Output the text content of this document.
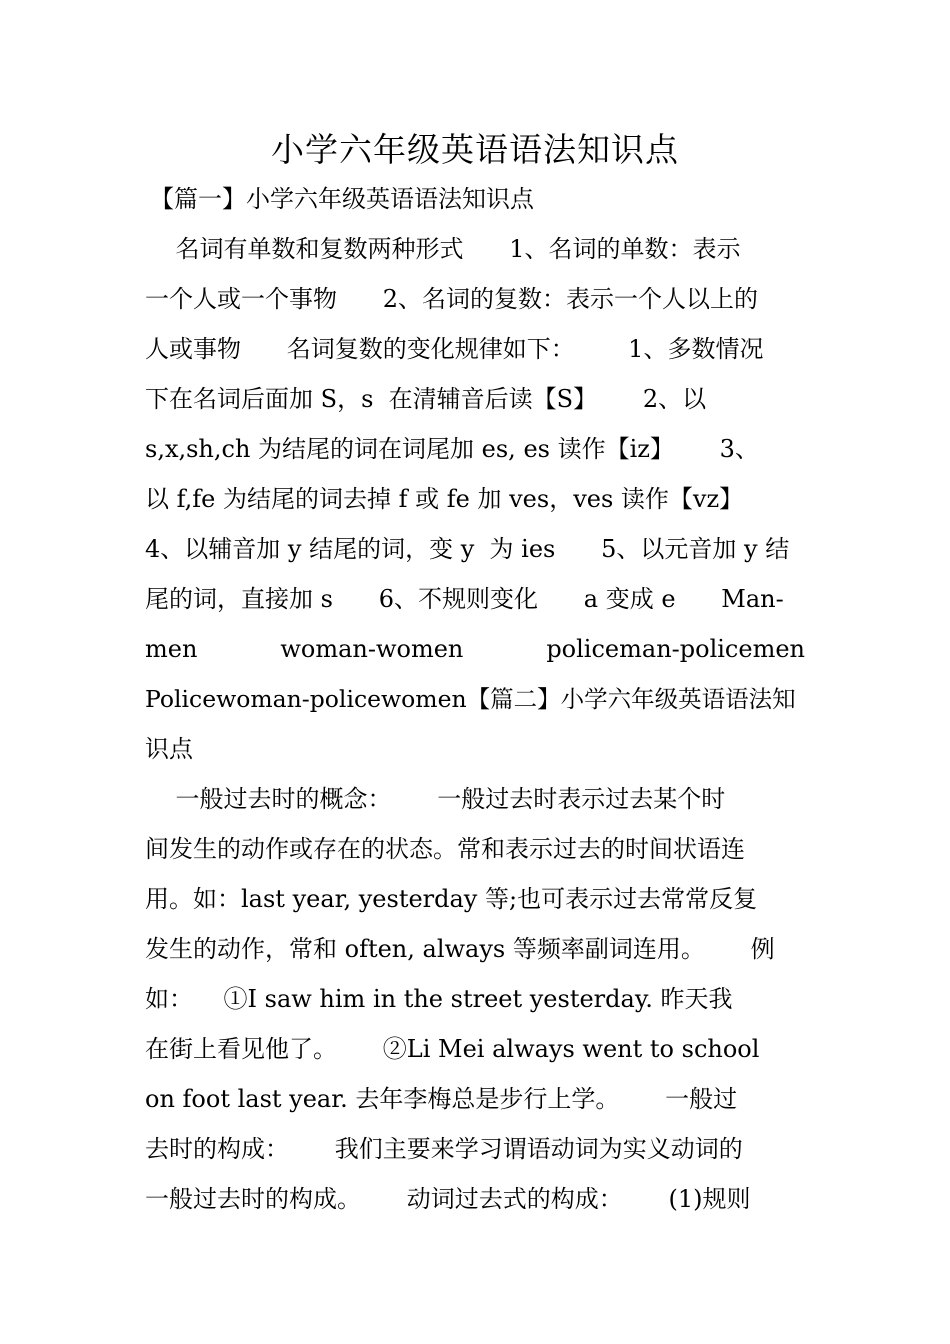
小学六年级英语语法知识点

【篇一】小学六年级英语语法知识点

名词有单数和复数两种形式      1、名词的单数：表示

一个人或一个事物      2、名词的复数：表示一个人以上的

人或事物      名词复数的变化规律如下：       1、多数情况

下在名词后面加 S，s  在清辅音后读【S】      2、以

s,x,sh,ch 为结尾的词在词尾加 es, es 读作【iz】      3、

以 f,fe 为结尾的词去掉 f 或 fe 加 ves，ves 读作【vz】

4、以辅音加 y 结尾的词，变 y  为 ies      5、以元音加 y 结

尾的词，直接加 s      6、不规则变化      a 变成 e      Man-

men	woman-women	policeman-policemen

Policewoman-policewomen【篇二】小学六年级英语语法知

识点

一般过去时的概念：      一般过去时表示过去某个时

间发生的动作或存在的状态。常和表示过去的时间状语连

用。如：last year, yesterday 等;也可表示过去常常反复

发生的动作，常和 often, always 等频率副词连用。      例

如：    ①I saw him in the street yesterday. 昨天我

在街上看见他了。      ②Li Mei always went to school

on foot last year. 去年李梅总是步行上学。      一般过

去时的构成：      我们主要来学习谓语动词为实义动词的

一般过去时的构成。      动词过去式的构成：      (1)规则
